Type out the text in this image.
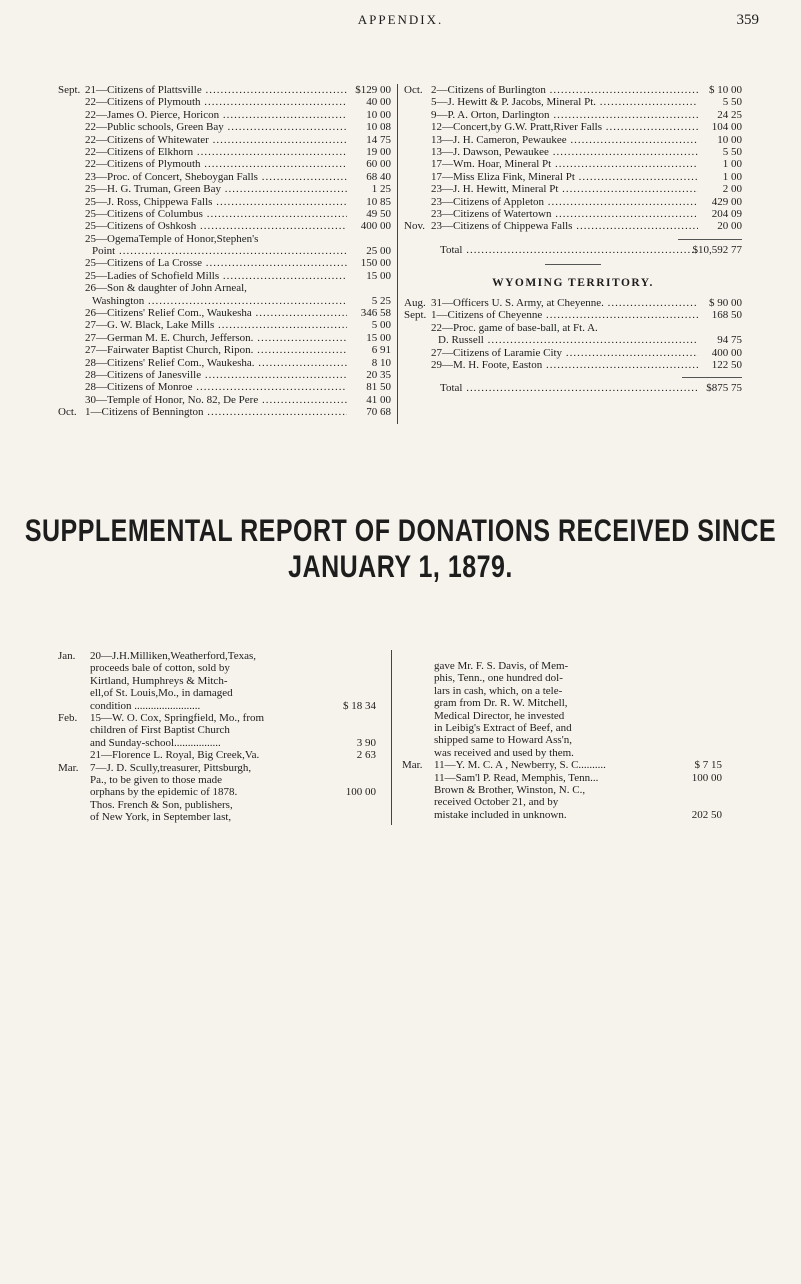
APPENDIX.	359
Sept. 21—Citizens of Plattsville .....	$129 00
22—Citizens of Plymouth .....	40 00
22—James O. Pierce, Horicon .....	10 00
22—Public schools, Green Bay .....	10 08
22—Citizens of Whitewater .....	14 75
22—Citizens of Elkhorn .....	19 00
22—Citizens of Plymouth .....	60 00
23—Proc. of Concert, Sheboygan Falls .....	68 40
25—H. G. Truman, Green Bay .....	1 25
25—J. Ross, Chippewa Falls .....	10 85
25—Citizens of Columbus .....	49 50
25—Citizens of Oshkosh .....	400 00
25—OgemaTemple of Honor,Stephen's
Point .....	25 00
25—Citizens of La Crosse .....	150 00
25—Ladies of Schofield Mills .....	15 00
26—Son & daughter of John Arneal,
Washington .....	5 25
26—Citizens' Relief Com., Waukesha .....	346 58
27—G. W. Black, Lake Mills .....	5 00
27—German M. E. Church, Jefferson. .....	15 00
27—Fairwater Baptist Church, Ripon. .....	6 91
28—Citizens' Relief Com., Waukesha. .....	8 10
28—Citizens of Janesville .....	20 35
28—Citizens of Monroe .....	81 50
30—Temple of Honor, No. 82, De Pere .....	41 00
Oct. 1—Citizens of Bennington .....	70 68
Oct. 2—Citizens of Burlington .....	$ 10 00
5—J. Hewitt & P. Jacobs, Mineral Pt. .....	5 50
9—P. A. Orton, Darlington .....	24 25
12—Concert,by G.W. Pratt,River Falls .....	104 00
13—J. H. Cameron, Pewaukee .....	10 00
13—J. Dawson, Pewaukee .....	5 50
17—Wm. Hoar, Mineral Pt .....	1 00
17—Miss Eliza Fink, Mineral Pt .....	1 00
23—J. H. Hewitt, Mineral Pt .....	2 00
23—Citizens of Appleton .....	429 00
23—Citizens of Watertown .....	204 09
Nov. 23—Citizens of Chippewa Falls .....	20 00
Total .....	$10,592 77
WYOMING TERRITORY.
Aug. 31—Officers U. S. Army, at Cheyenne. .....	$ 90 00
Sept. 1—Citizens of Cheyenne .....	168 50
22—Proc. game of base-ball, at Ft. A.
D. Russell .....	94 75
27—Citizens of Laramie City .....	400 00
29—M. H. Foote, Easton .....	122 50
Total .....	$875 75
SUPPLEMENTAL REPORT OF DONATIONS RECEIVED SINCE
JANUARY 1, 1879.
Jan. 20—J.H.Milliken,Weatherford,Texas,
proceeds bale of cotton, sold by
Kirtland, Humphreys & Mitch-
ell,of St. Louis,Mo., in damaged
condition ........................	$ 18 34
Feb. 15—W. O. Cox, Springfield, Mo., from
children of First Baptist Church
and Sunday-school.................	3 90
21—Florence L. Royal, Big Creek,Va.	2 63
Mar. 7—J. D. Scully,treasurer, Pittsburgh,
Pa., to be given to those made
orphans by the epidemic of 1878.	100 00
Thos. French & Son, publishers,
of New York, in September last,
gave Mr. F. S. Davis, of Mem-
phis, Tenn., one hundred dol-
lars in cash, which, on a tele-
gram from Dr. R. W. Mitchell,
Medical Director, he invested
in Leibig's Extract of Beef, and
shipped same to Howard Ass'n,
was received and used by them.
Mar. 11—Y. M. C. A , Newberry, S. C..........	$ 7 15
11—Sam'l P. Read, Memphis, Tenn...	100 00
Brown & Brother, Winston, N. C.,
received October 21, and by
mistake included in unknown.	202 50
